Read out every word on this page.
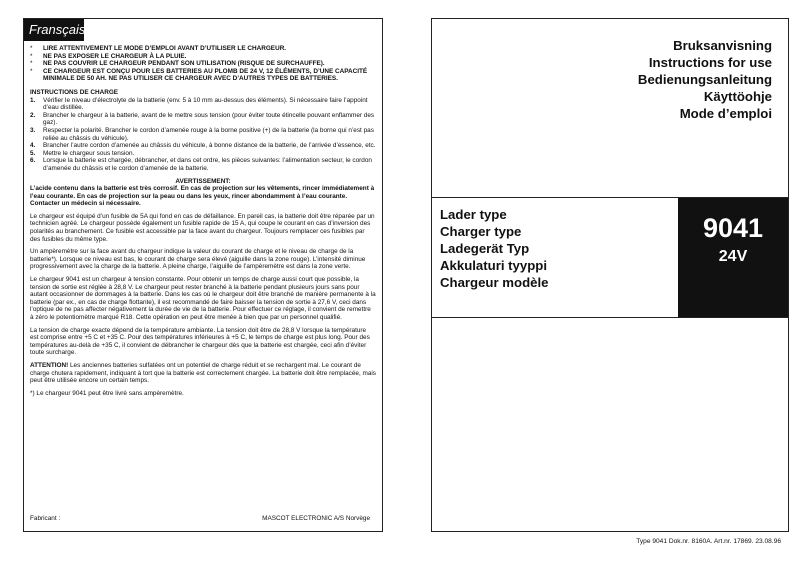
Fransçais
* LIRE ATTENTIVEMENT LE MODE D’EMPLOI AVANT D’UTILISER LE CHARGEUR.
* NE PAS EXPOSER LE CHARGEUR À LA PLUIE.
* NE PAS COUVRIR LE CHARGEUR PENDANT SON UTILISATION (RISQUE DE SURCHAUFFE).
* CE CHARGEUR EST CONÇU POUR LES BATTERIES AU PLOMB DE 24 V, 12 ÉLÉMENTS, D’UNE CAPACITÉ MINIMALE DE 50 AH. NE PAS UTILISER CE CHARGEUR AVEC D’AUTRES TYPES DE BATTERIES.
INSTRUCTIONS DE CHARGE
1. Vérifier le niveau d’électrolyte de la batterie (env. 5 à 10 mm au-dessus des éléments). Si nécessaire faire l’appoint d’eau distillée.
2. Brancher le chargeur à la batterie, avant de le mettre sous tension (pour éviter toute étincelle pouvant enflammer des gaz).
3. Respecter la polarité. Brancher le cordon d’amenée rouge à la borne positive (+) de la batterie (la borne qui n’est pas reliée au châssis du véhicule).
4. Brancher l’autre cordon d’amenée au châssis du véhicule, à bonne distance de la batterie, de l’arrivée d’essence, etc.
5. Mettre le chargeur sous tension.
6. Lorsque la batterie est chargée, débrancher, et dans cet ordre, les pièces suivantes: l’alimentation secteur, le cordon d’amenée du châssis et le cordon d’amenée de la batterie.
AVERTISSEMENT:
L’acide contenu dans la batterie est très corrosif. En cas de projection sur les vêtements, rincer immédiatement à l’eau courante. En cas de projection sur la peau ou dans les yeux, rincer abondamment à l’eau courante. Contacter un médecin si nécessaire.
Le chargeur est équipé d’un fusible de 5A qui fond en cas de défaillance. En pareil cas, la batterie doit être réparée par un technicien agréé. Le chargeur possède également un fusible rapide de 15 A, qui coupe le courant en cas d’inversion des polarités au branchement. Ce fusible est accessible par la face avant du chargeur. Toujours remplacer ces fusibles par des fusibles du même type.
Un ampèremètre sur la face avant du chargeur indique la valeur du courant de charge et le niveau de charge de la batterie*). Lorsque ce niveau est bas, le courant de charge sera élevé (aiguille dans la zone rouge). L’intensité diminue progressivement avec la charge de la batterie. A pleine charge, l’aiguille de l’ampèremètre est dans la zone verte.
Le chargeur 9041 est un chargeur à tension constante. Pour obtenir un temps de charge aussi court que possible, la tension de sortie est réglée à 28,8 V. Le chargeur peut rester branché à la batterie pendant plusieurs jours sans pour autant occasionner de dommages à la batterie. Dans les cas où le chargeur doit être branché de manière permanente à la batterie (par ex., en cas de charge flottante), il est recommandé de faire baisser la tension de sortie à 27,6 V, ceci dans l’optique de ne pas affecter négativement la durée de vie de la batterie. Pour effectuer ce réglage, il convient de remettre à zéro le potentiomètre marqué R18. Cette opération en peut être menée à bien que par un personnel qualifié.
La tension de charge exacte dépend de la température ambiante. La tension doit être de 28,8 V lorsque la température est comprise entre +5 C et +35 C. Pour des températures inférieures à +5 C, le temps de charge est plus long. Pour des températures au-delà de +35 C, il convient de débrancher le chargeur dès que la batterie est chargée, ceci afin d’éviter toute surcharge.
ATTENTION! Les anciennes batteries sulfatées ont un potentiel de charge réduit et se rechargent mal. Le courant de charge chutera rapidement, indiquant à tort que la batterie est correctement chargée. La batterie doit être remplacée, mais peut être utilisée encore un certain temps.
*) Le chargeur 9041 peut être livré sans ampèremètre.
Fabricant :	MASCOT ELECTRONIC A/S Norvège
Bruksanvisning
Instructions for use
Bedienungsanleitung
Käyttöohje
Mode d’emploi
Lader type
Charger type
Ladegerät Typ
Akkulaturi tyyppi
Chargeur modèle
9041
24V
Type 9041 Dok.nr. 8160A. Art.nr. 17869. 23.08.96
